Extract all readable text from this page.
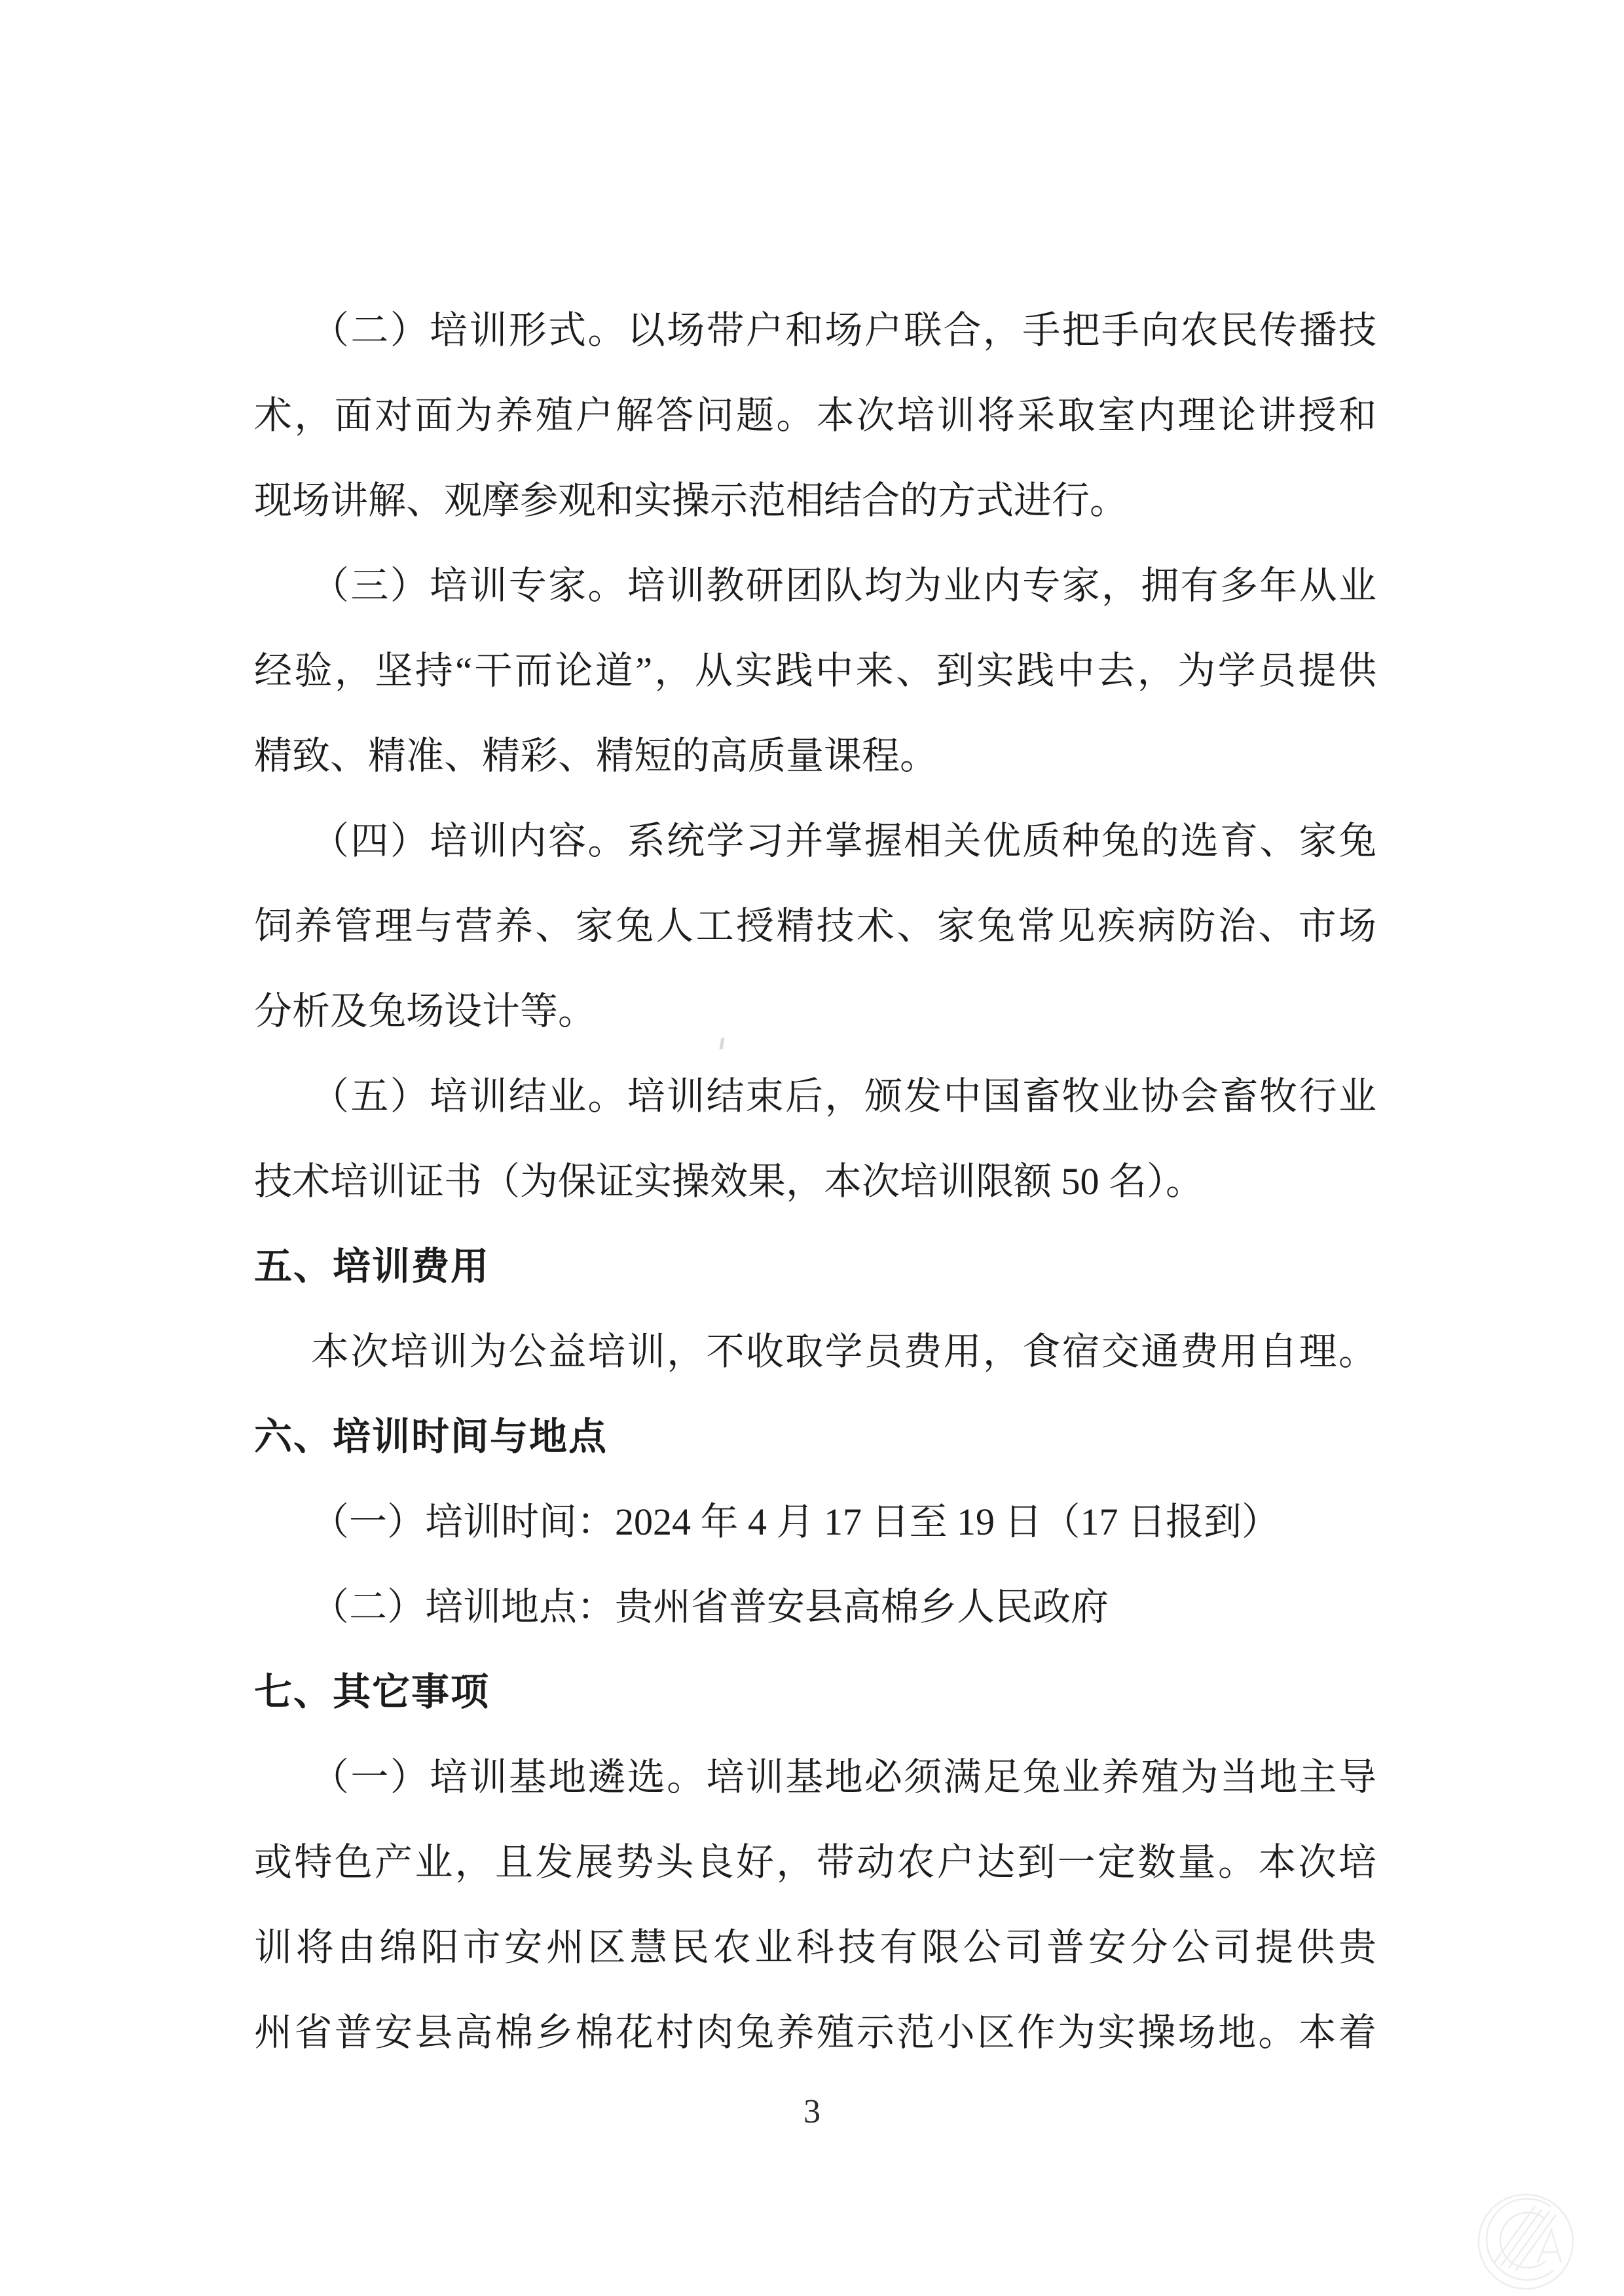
（二）培训形式。以场带户和场户联合，手把手向农民传播技
术，面对面为养殖户解答问题。本次培训将采取室内理论讲授和
现场讲解、观摩参观和实操示范相结合的方式进行。
（三）培训专家。培训教研团队均为业内专家，拥有多年从业
经验，坚持“干而论道”，从实践中来、到实践中去，为学员提供
精致、精准、精彩、精短的高质量课程。
（四）培训内容。系统学习并掌握相关优质种兔的选育、家兔
饲养管理与营养、家兔人工授精技术、家兔常见疾病防治、市场
分析及兔场设计等。
（五）培训结业。培训结束后，颁发中国畜牧业协会畜牧行业
技术培训证书（为保证实操效果，本次培训限额 50 名）。
五、培训费用
本次培训为公益培训，不收取学员费用，食宿交通费用自理。
六、培训时间与地点
（一）培训时间：2024 年 4 月 17 日至 19 日（17 日报到）
（二）培训地点：贵州省普安县高棉乡人民政府
七、其它事项
（一）培训基地遴选。培训基地必须满足兔业养殖为当地主导
或特色产业，且发展势头良好，带动农户达到一定数量。本次培
训将由绵阳市安州区慧民农业科技有限公司普安分公司提供贵
州省普安县高棉乡棉花村肉兔养殖示范小区作为实操场地。本着
3
